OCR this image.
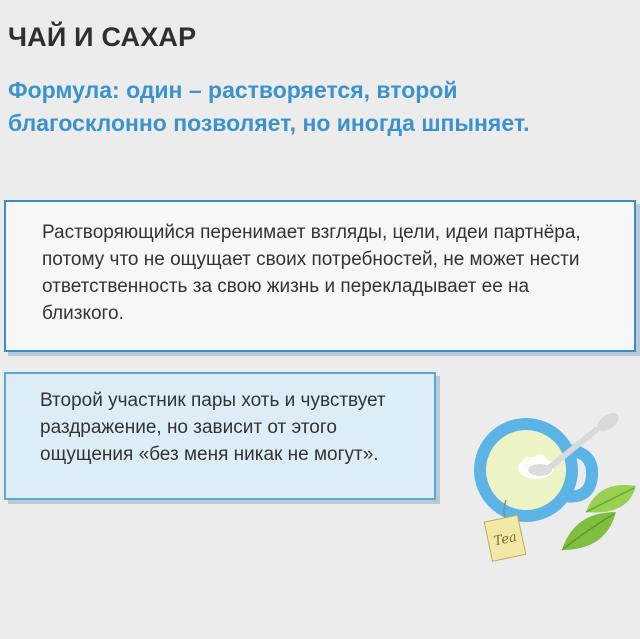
ЧАЙ И САХАР
Формула: один – растворяется, второй благосклонно позволяет, но иногда шпыняет.
Растворяющийся перенимает взгляды, цели, идеи партнёра, потому что не ощущает своих потребностей, не может нести ответственность за свою жизнь и перекладывает ее на близкого.
Второй участник пары хоть и чувствует раздражение, но зависит от этого ощущения «без меня никак не могут».
Tea
